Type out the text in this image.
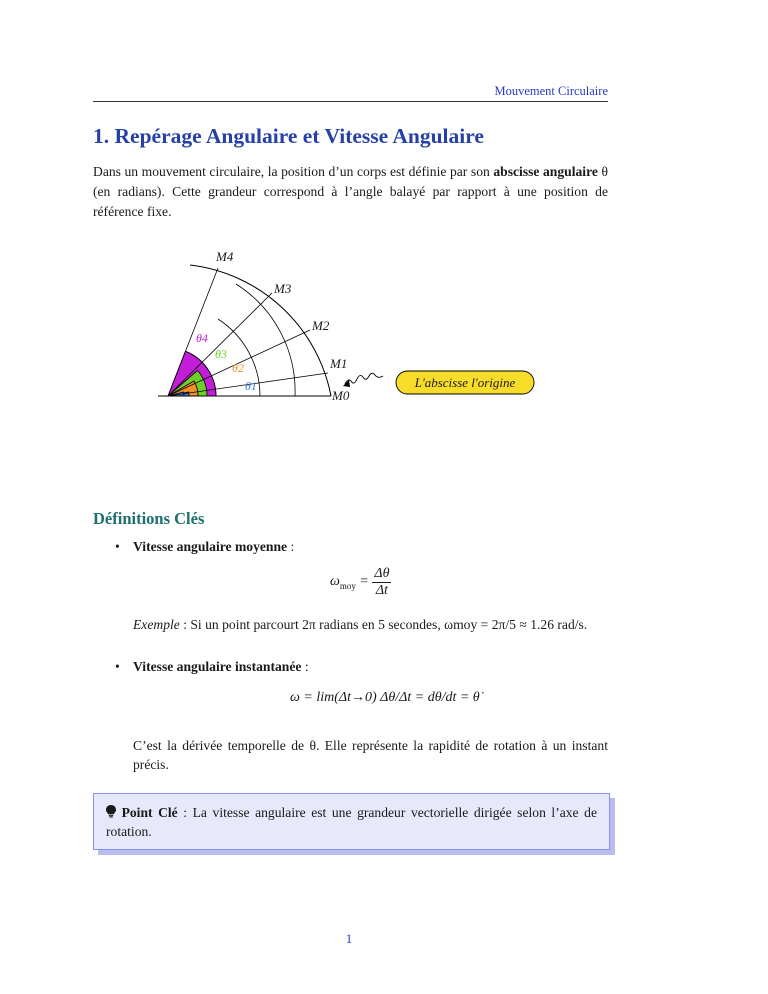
Mouvement Circulaire
1. Repérage Angulaire et Vitesse Angulaire

Dans un mouvement circulaire, la position d’un corps est définie par son abscisse angulaire θ (en radians). Cette grandeur correspond à l’angle balayé par rapport à une position de référence fixe.

M4
M3
M2
M1
M0
θ4
θ3
θ2
θ1	L'abscisse l'origine
Définitions Clés
• Vitesse angulaire moyenne :
$\omega_{moy} = \frac{\Delta\theta}{\Delta t}$

Exemple : Si un point parcourt 2π radians en 5 secondes, ωmoy = 2π/5 ≈ 1.26 rad/s.

• Vitesse angulaire instantanée :
ω = lim(Δt→0) Δθ/Δt = dθ/dt = θ̇

C’est la dérivée temporelle de θ. Elle représente la rapidité de rotation à un instant précis.

Point Clé : La vitesse angulaire est une grandeur vectorielle dirigée selon l’axe de rotation.

1
